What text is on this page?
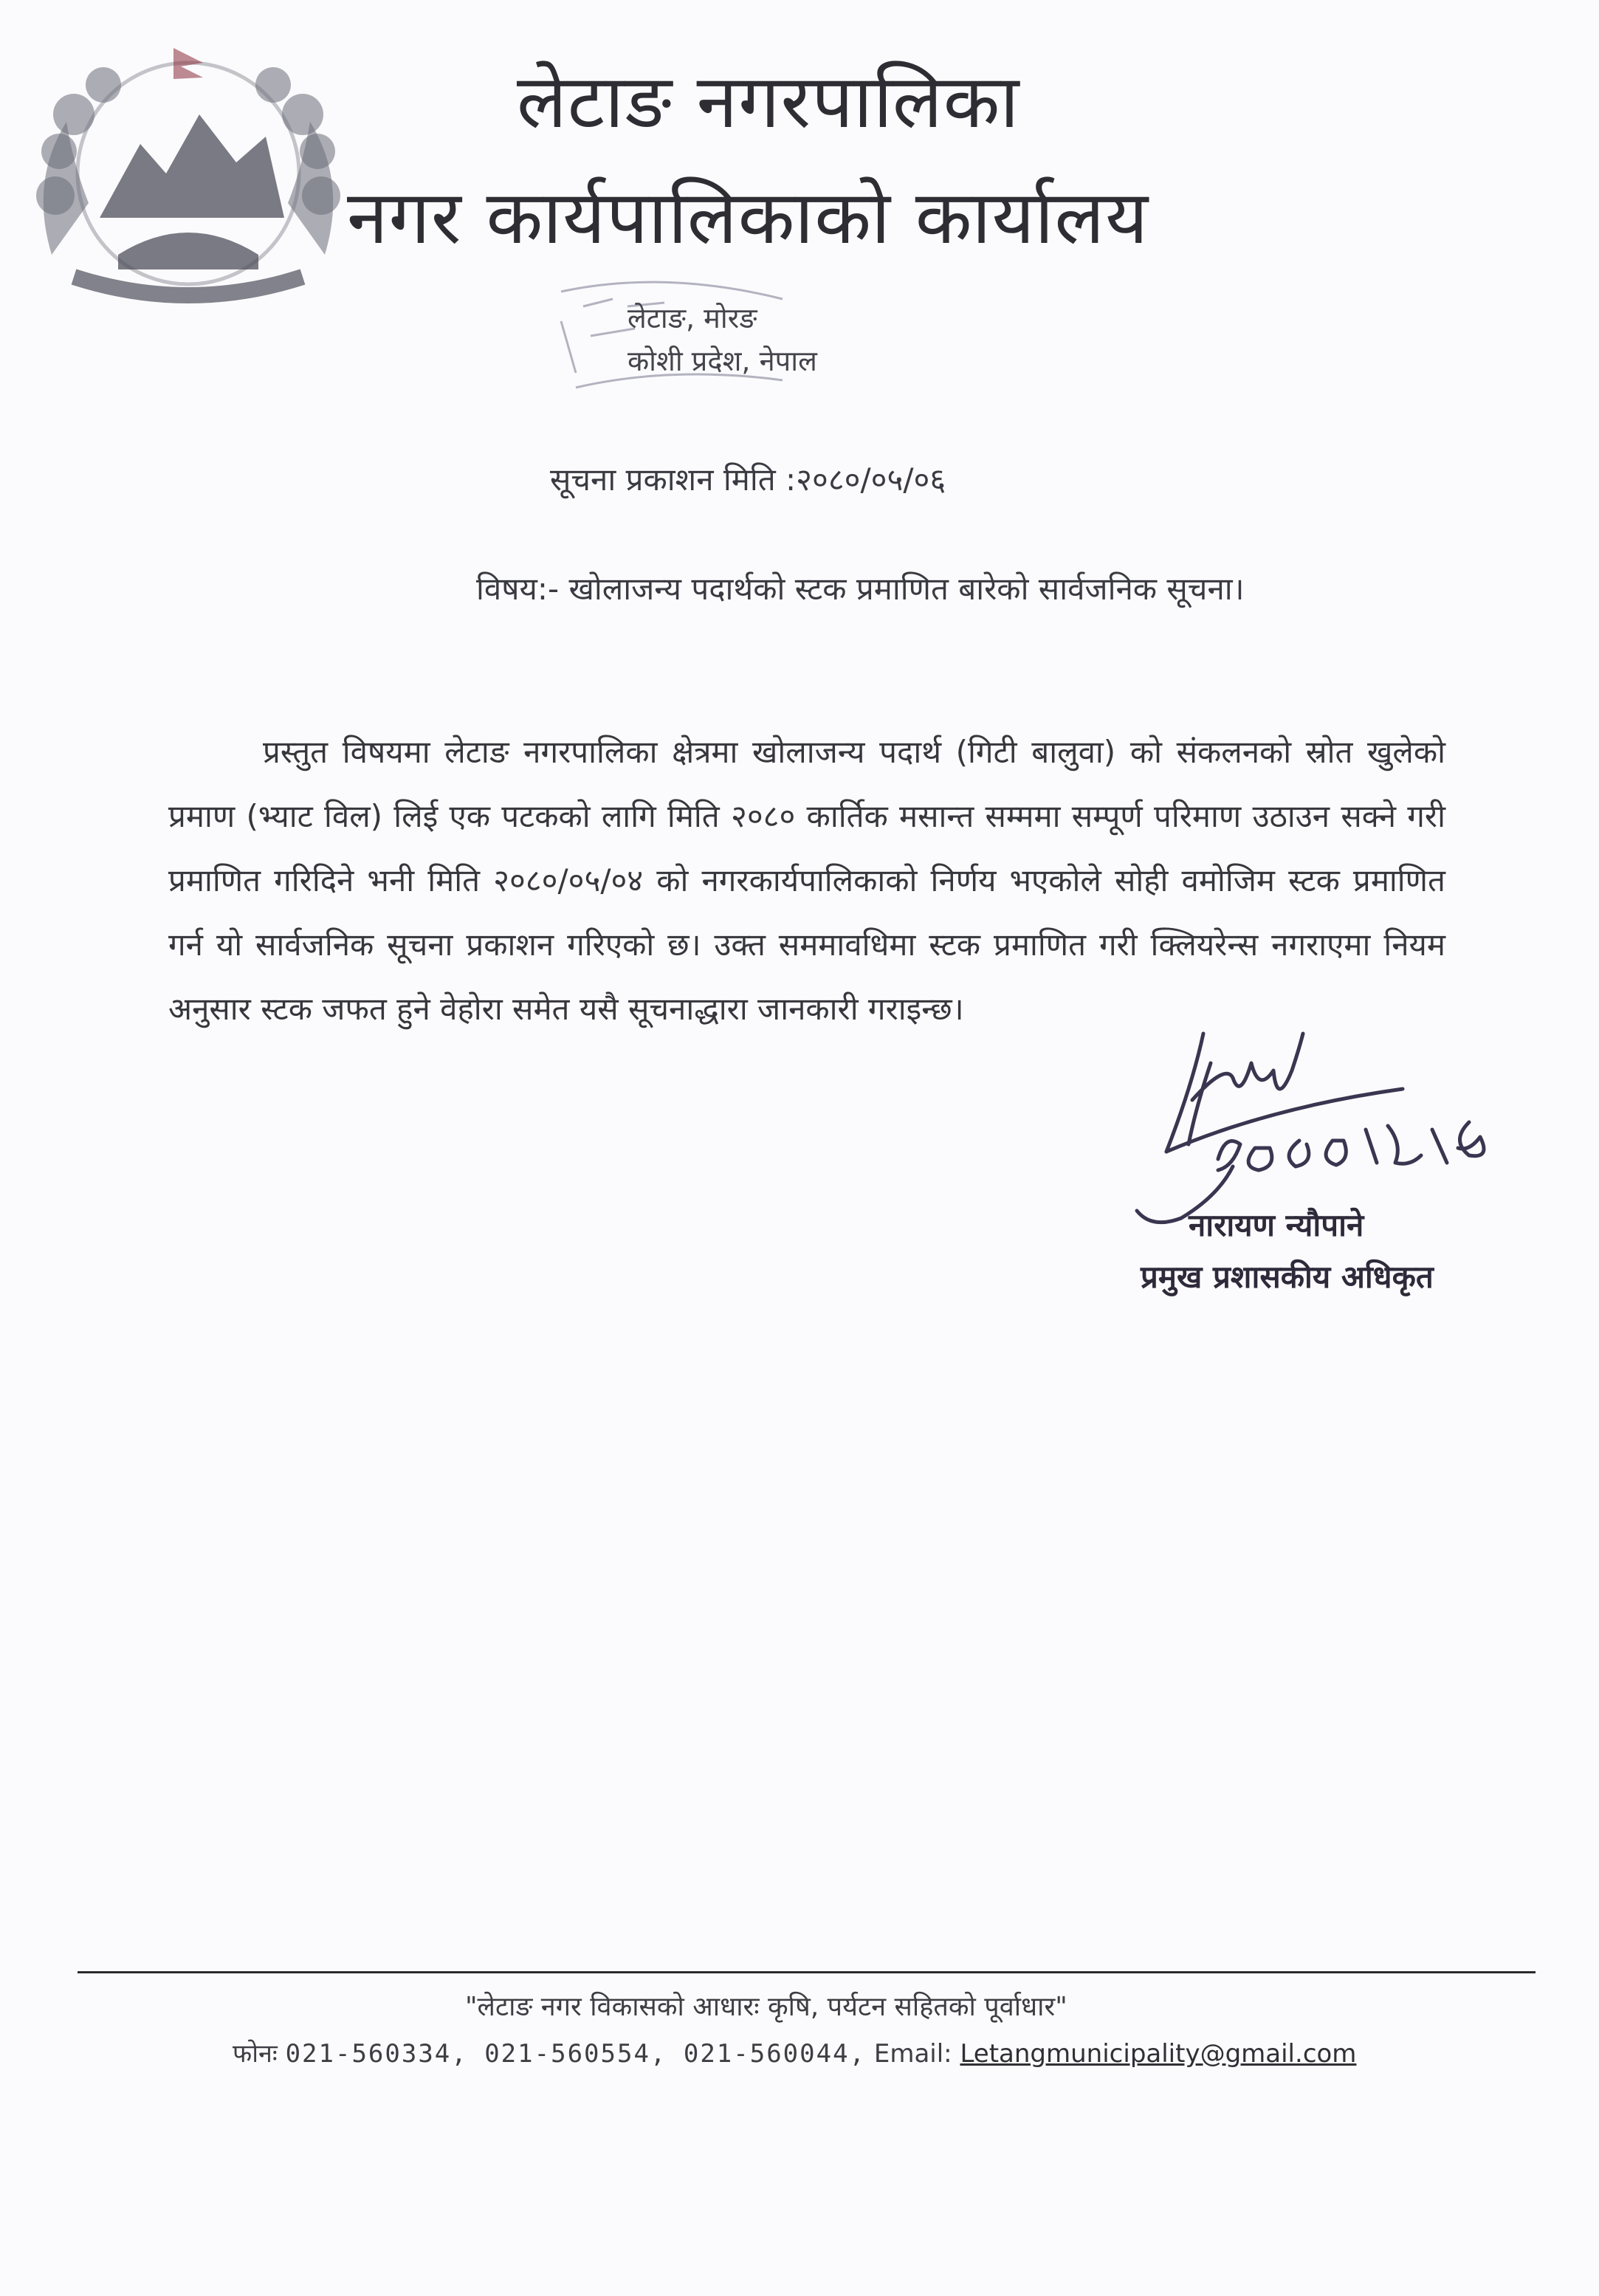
लेटाङ नगरपालिका
नगर कार्यपालिकाको कार्यालय
लेटाङ, मोरङ
कोशी प्रदेश, नेपाल
सूचना प्रकाशन मिति :२०८०/०५/०६
विषय:- खोलाजन्य पदार्थको स्टक प्रमाणित बारेको सार्वजनिक सूचना।

प्रस्तुत विषयमा लेटाङ नगरपालिका क्षेत्रमा खोलाजन्य पदार्थ (गिटी बालुवा) को संकलनको स्रोत खुलेको प्रमाण (भ्याट विल) लिई एक पटकको लागि मिति २०८० कार्तिक मसान्त सम्ममा सम्पूर्ण परिमाण उठाउन सक्ने गरी प्रमाणित गरिदिने भनी मिति २०८०/०५/०४ को नगरकार्यपालिकाको निर्णय भएकोले सोही वमोजिम स्टक प्रमाणित गर्न यो सार्वजनिक सूचना प्रकाशन गरिएको छ। उक्त सममावधिमा स्टक प्रमाणित गरी क्लियरेन्स नगराएमा नियम अनुसार स्टक जफत हुने वेहोरा समेत यसै सूचनाद्धारा जानकारी गराइन्छ।

नारायण न्यौपाने
प्रमुख प्रशासकीय अधिकृत
"लेटाङ नगर विकासको आधारः कृषि, पर्यटन सहितको पूर्वाधार"
फोनः 021-560334, 021-560554, 021-560044, Email: Letangmunicipality@gmail.com
